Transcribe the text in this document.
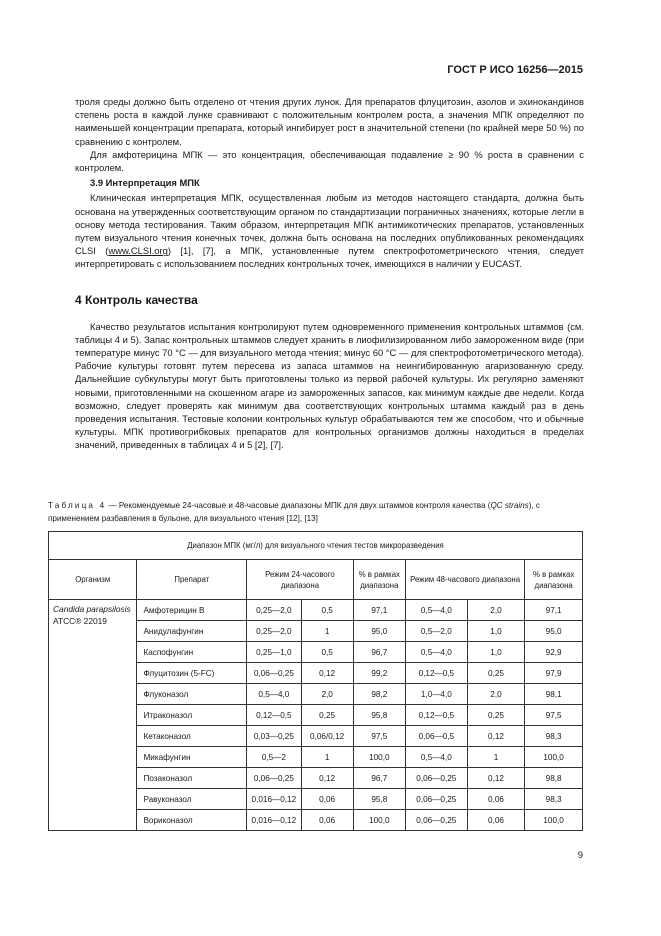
ГОСТ Р ИСО 16256—2015

троля среды должно быть отделено от чтения других лунок. Для препаратов флуцитозин, азолов и эхинокандинов степень роста в каждой лунке сравнивают с положительным контролем роста, а значения МПК определяют по наименьшей концентрации препарата, который ингибирует рост в значительной степени (по крайней мере 50 %) по сравнению с контролем.

Для амфотерицина МПК — это концентрация, обеспечивающая подавление ≥ 90 % роста в сравнении с контролем.

3.9 Интерпретация МПК

Клиническая интерпретация МПК, осуществленная любым из методов настоящего стандарта, должна быть основана на утвержденных соответствующим органом по стандартизации пограничных значениях, которые легли в основу метода тестирования. Таким образом, интерпретация МПК антимикотических препаратов, установленных путем визуального чтения конечных точек, должна быть основана на последних опубликованных рекомендациях CLSI (www.CLSI.org) [1], [7], а МПК, установленные путем спектрофотометрического чтения, следует интерпретировать с использованием последних контрольных точек, имеющихся в наличии у EUCAST.

4 Контроль качества

Качество результатов испытания контролируют путем одновременного применения контрольных штаммов (см. таблицы 4 и 5). Запас контрольных штаммов следует хранить в лиофилизированном либо замороженном виде (при температуре минус 70 °С — для визуального метода чтения; минус 60 °С — для спектрофотометрического метода). Рабочие культуры готовят путем пересева из запаса штаммов на неингибированную агаризованную среду. Дальнейшие субкультуры могут быть приготовлены только из первой рабочей культуры. Их регулярно заменяют новыми, приготовленными на скошенном агаре из замороженных запасов, как минимум каждые две недели. Когда возможно, следует проверять как минимум два соответствующих контрольных штамма каждый раз в день проведения испытания. Тестовые колонии контрольных культур обрабатываются тем же способом, что и обычные культуры. МПК противогрибковых препаратов для контрольных организмов должны находиться в пределах значений, приведенных в таблицах 4 и 5 [2], [7].

Таблица 4 — Рекомендуемые 24-часовые и 48-часовые диапазоны МПК для двух штаммов контроля качества (QC strains), с применением разбавления в бульоне, для визуального чтения [12], [13]

Диапазон МПК (мг/л) для визуального чтения тестов микроразведения							
Организм	Препарат	Режим 24-часового диапазона		% в рамках диапазона	Режим 48-часового диапазона		% в рамках диапазона

Candida parapsilosis
ATCC® 22019	Амфотерицин В	0,25—2,0	0,5	97,1	0,5—4,0	2,0	97,1
	Анидулафунгин	0,25—2,0	1	95,0	0,5—2,0	1,0	95,0
	Каспофунгин	0,25—1,0	0,5	96,7	0,5—4,0	1,0	92,9
	Флуцитозин (5-FC)	0,06—0,25	0,12	99,2	0,12—0,5	0,25	97,9
	Флуконазол	0,5—4,0	2,0	98,2	1,0—4,0	2,0	98,1
	Итраконазол	0,12—0,5	0,25	95,8	0,12—0,5	0,25	97,5
	Кетаконазол	0,03—0,25	0,06/0,12	97,5	0,06—0,5	0,12	98,3
	Микафунгин	0,5—2	1	100,0	0,5—4,0	1	100,0
	Позаконазол	0,06—0,25	0,12	96,7	0,06—0,25	0,12	98,8
	Равуконазол	0,016—0,12	0,06	95,8	0,06—0,25	0,06	98,3
	Вориконазол	0,016—0,12	0,06	100,0	0,06—0,25	0,06	100,0

9
